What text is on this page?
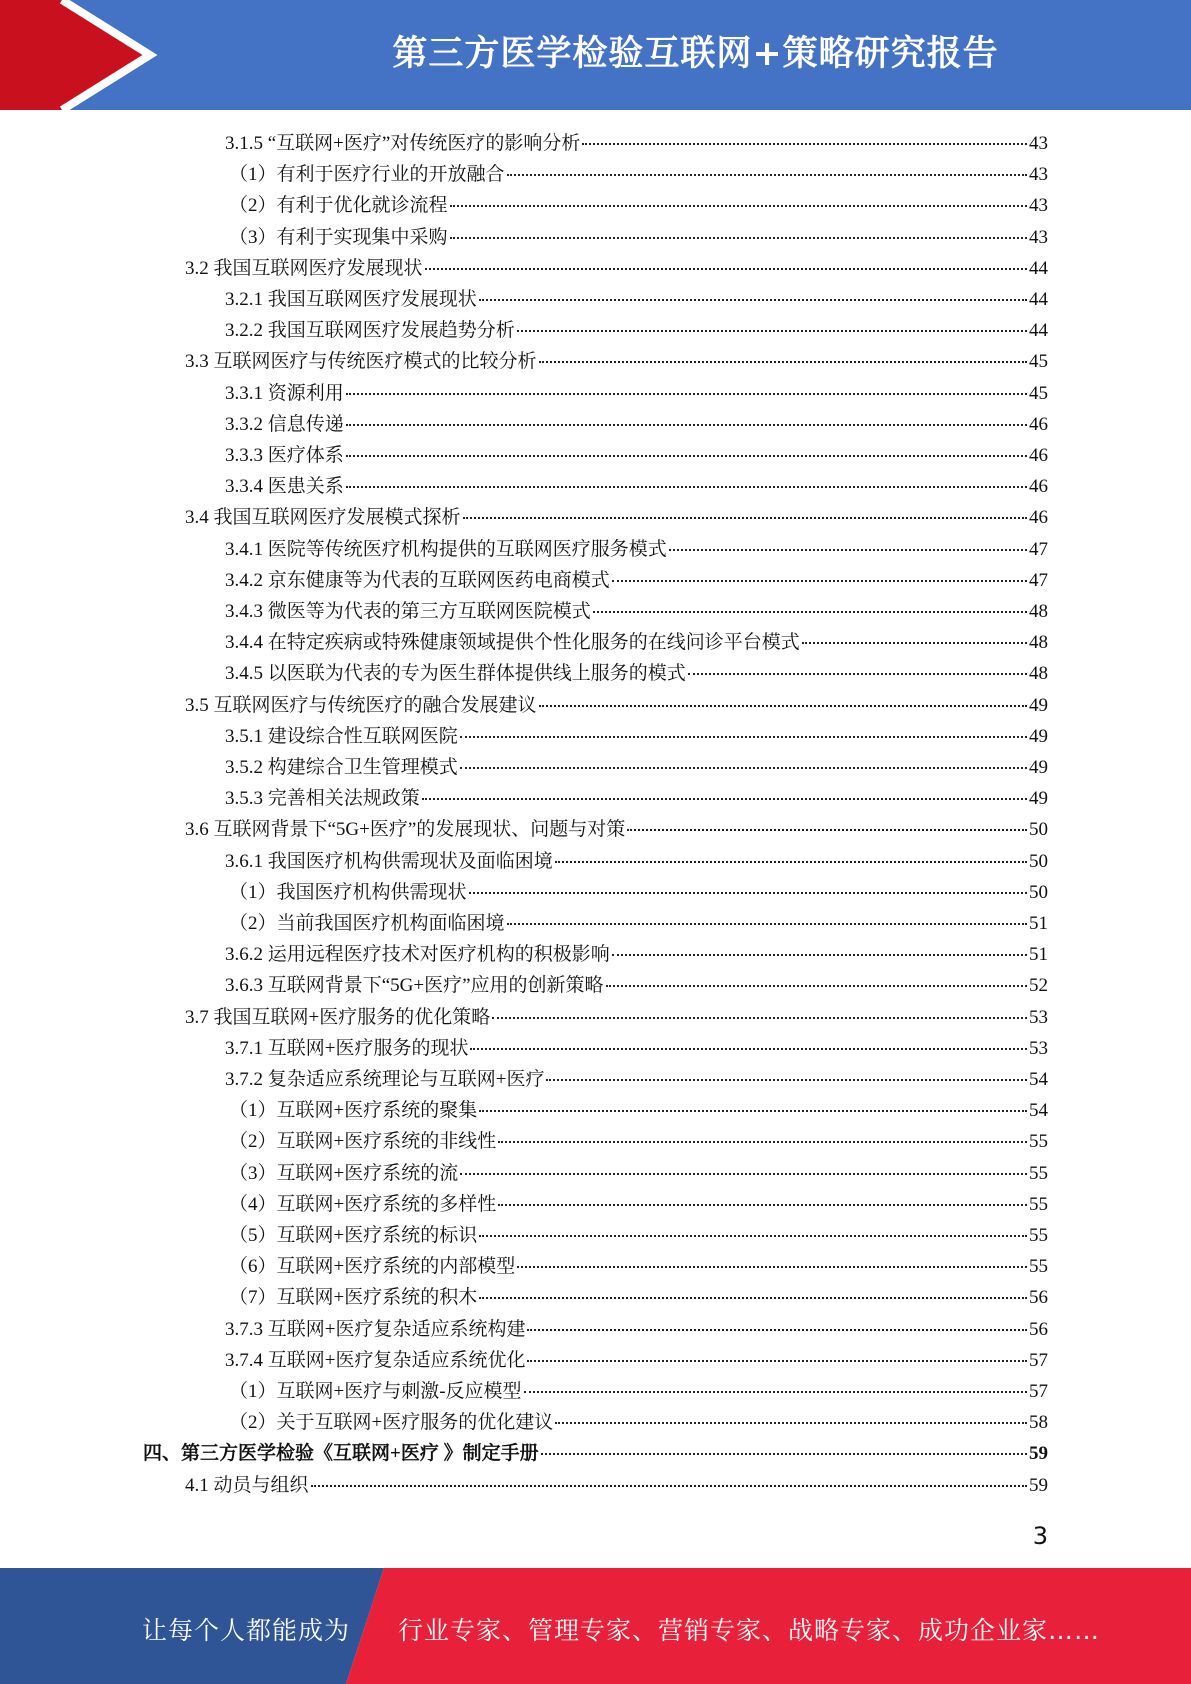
第三方医学检验互联网+策略研究报告
3.1.5 “互联网+医疗”对传统医疗的影响分析	43
（1）有利于医疗行业的开放融合	43
（2）有利于优化就诊流程	43
（3）有利于实现集中采购	43
3.2 我国互联网医疗发展现状	44
3.2.1 我国互联网医疗发展现状	44
3.2.2 我国互联网医疗发展趋势分析	44
3.3 互联网医疗与传统医疗模式的比较分析	45
3.3.1 资源利用	45
3.3.2 信息传递	46
3.3.3 医疗体系	46
3.3.4 医患关系	46
3.4 我国互联网医疗发展模式探析	46
3.4.1 医院等传统医疗机构提供的互联网医疗服务模式	47
3.4.2 京东健康等为代表的互联网医药电商模式	47
3.4.3 微医等为代表的第三方互联网医院模式	48
3.4.4 在特定疾病或特殊健康领域提供个性化服务的在线问诊平台模式	48
3.4.5 以医联为代表的专为医生群体提供线上服务的模式	48
3.5 互联网医疗与传统医疗的融合发展建议	49
3.5.1 建设综合性互联网医院	49
3.5.2 构建综合卫生管理模式	49
3.5.3 完善相关法规政策	49
3.6 互联网背景下“5G+医疗”的发展现状、问题与对策	50
3.6.1 我国医疗机构供需现状及面临困境	50
（1）我国医疗机构供需现状	50
（2）当前我国医疗机构面临困境	51
3.6.2 运用远程医疗技术对医疗机构的积极影响	51
3.6.3 互联网背景下“5G+医疗”应用的创新策略	52
3.7 我国互联网+医疗服务的优化策略	53
3.7.1 互联网+医疗服务的现状	53
3.7.2 复杂适应系统理论与互联网+医疗	54
（1）互联网+医疗系统的聚集	54
（2）互联网+医疗系统的非线性	55
（3）互联网+医疗系统的流	55
（4）互联网+医疗系统的多样性	55
（5）互联网+医疗系统的标识	55
（6）互联网+医疗系统的内部模型	55
（7）互联网+医疗系统的积木	56
3.7.3 互联网+医疗复杂适应系统构建	56
3.7.4 互联网+医疗复杂适应系统优化	57
（1）互联网+医疗与刺激-反应模型	57
（2）关于互联网+医疗服务的优化建议	58
四、第三方医学检验《互联网+医疗 》制定手册	59
4.1 动员与组织	59
3
让每个人都能成为 行业专家、管理专家、营销专家、战略专家、成功企业家……
